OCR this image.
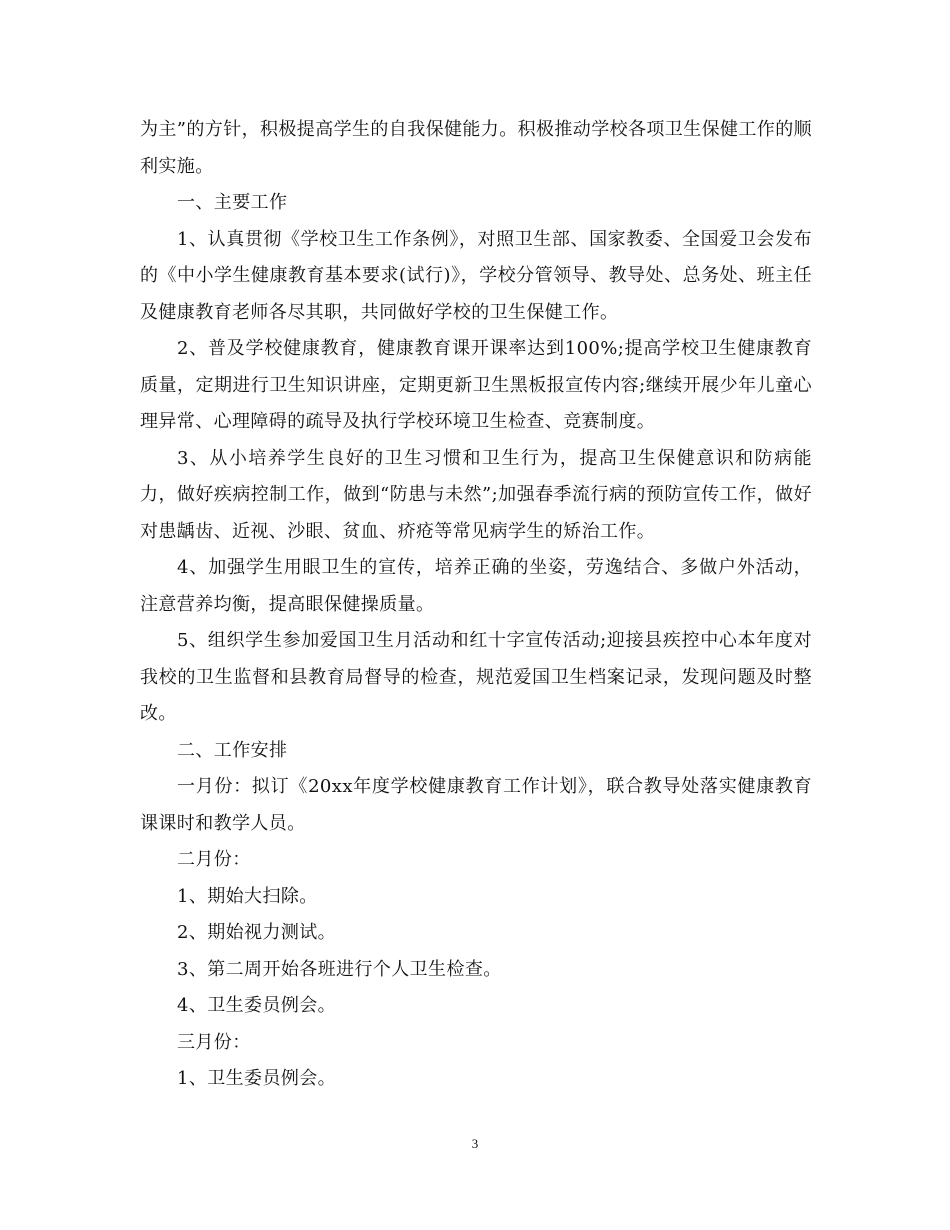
为主”的方针，积极提高学生的自我保健能力。积极推动学校各项卫生保健工作的顺利实施。

一、主要工作

1、认真贯彻《学校卫生工作条例》，对照卫生部、国家教委、全国爱卫会发布的《中小学生健康教育基本要求(试行)》，学校分管领导、教导处、总务处、班主任及健康教育老师各尽其职，共同做好学校的卫生保健工作。

2、普及学校健康教育，健康教育课开课率达到100%;提高学校卫生健康教育质量，定期进行卫生知识讲座，定期更新卫生黑板报宣传内容;继续开展少年儿童心理异常、心理障碍的疏导及执行学校环境卫生检查、竞赛制度。

3、从小培养学生良好的卫生习惯和卫生行为，提高卫生保健意识和防病能力，做好疾病控制工作，做到“防患与未然”;加强春季流行病的预防宣传工作，做好对患龋齿、近视、沙眼、贫血、疥疮等常见病学生的矫治工作。

4、加强学生用眼卫生的宣传，培养正确的坐姿，劳逸结合、多做户外活动，注意营养均衡，提高眼保健操质量。

5、组织学生参加爱国卫生月活动和红十字宣传活动;迎接县疾控中心本年度对我校的卫生监督和县教育局督导的检查，规范爱国卫生档案记录，发现问题及时整改。

二、工作安排

一月份：拟订《20xx年度学校健康教育工作计划》，联合教导处落实健康教育课课时和教学人员。

二月份：

1、期始大扫除。

2、期始视力测试。

3、第二周开始各班进行个人卫生检查。

4、卫生委员例会。

三月份：

1、卫生委员例会。

3
